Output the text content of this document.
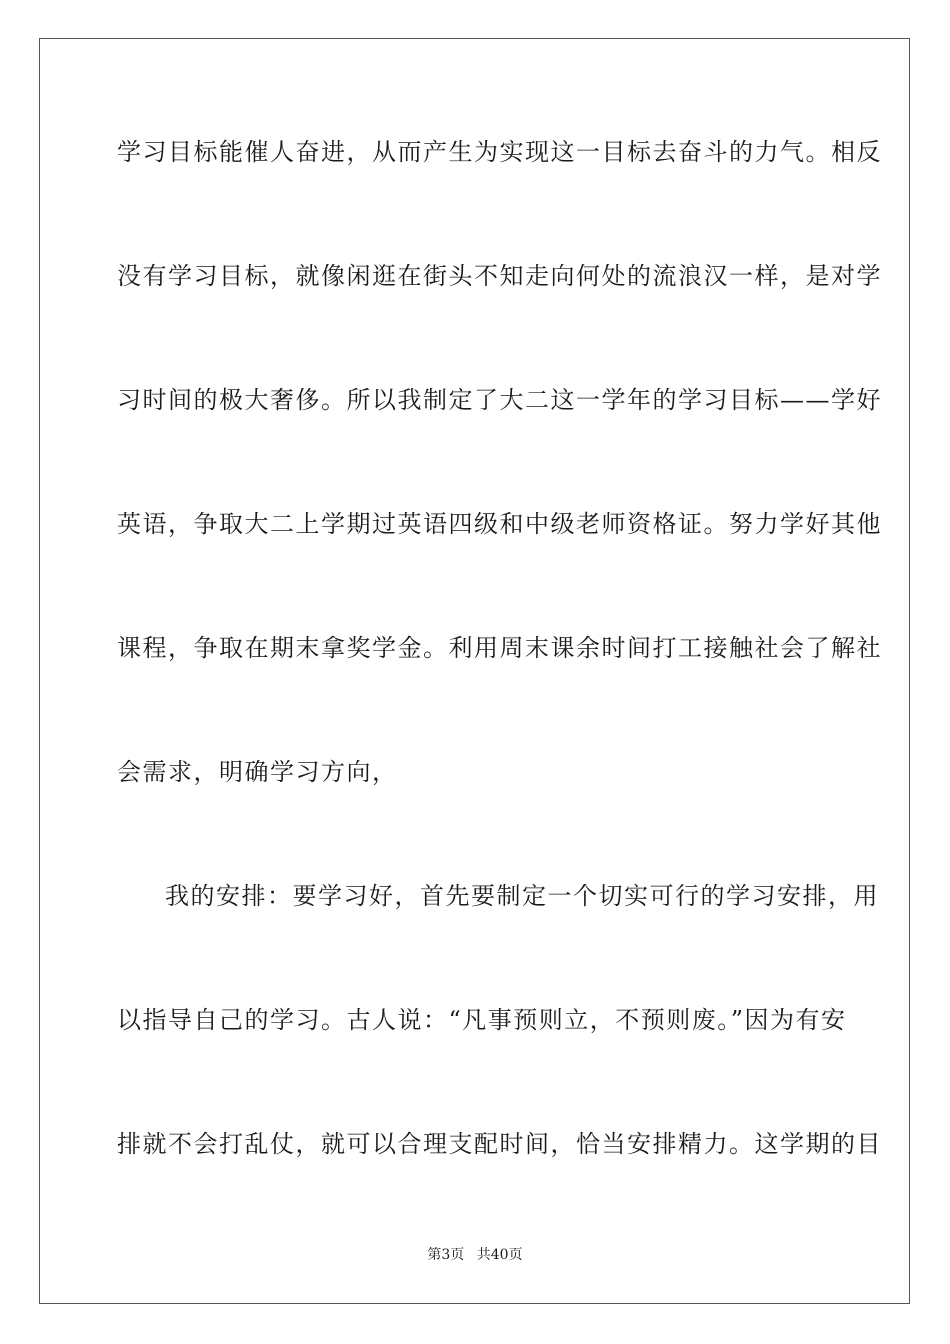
学习目标能催人奋进，从而产生为实现这一目标去奋斗的力气。相反
没有学习目标，就像闲逛在街头不知走向何处的流浪汉一样，是对学
习时间的极大奢侈。所以我制定了大二这一学年的学习目标——学好
英语，争取大二上学期过英语四级和中级老师资格证。努力学好其他
课程，争取在期末拿奖学金。利用周末课余时间打工接触社会了解社
会需求，明确学习方向，
我的安排：要学习好，首先要制定一个切实可行的学习安排，用
以指导自己的学习。古人说：“凡事预则立，不预则废。”因为有安
排就不会打乱仗，就可以合理支配时间，恰当安排精力。这学期的目
第3页 共40页
